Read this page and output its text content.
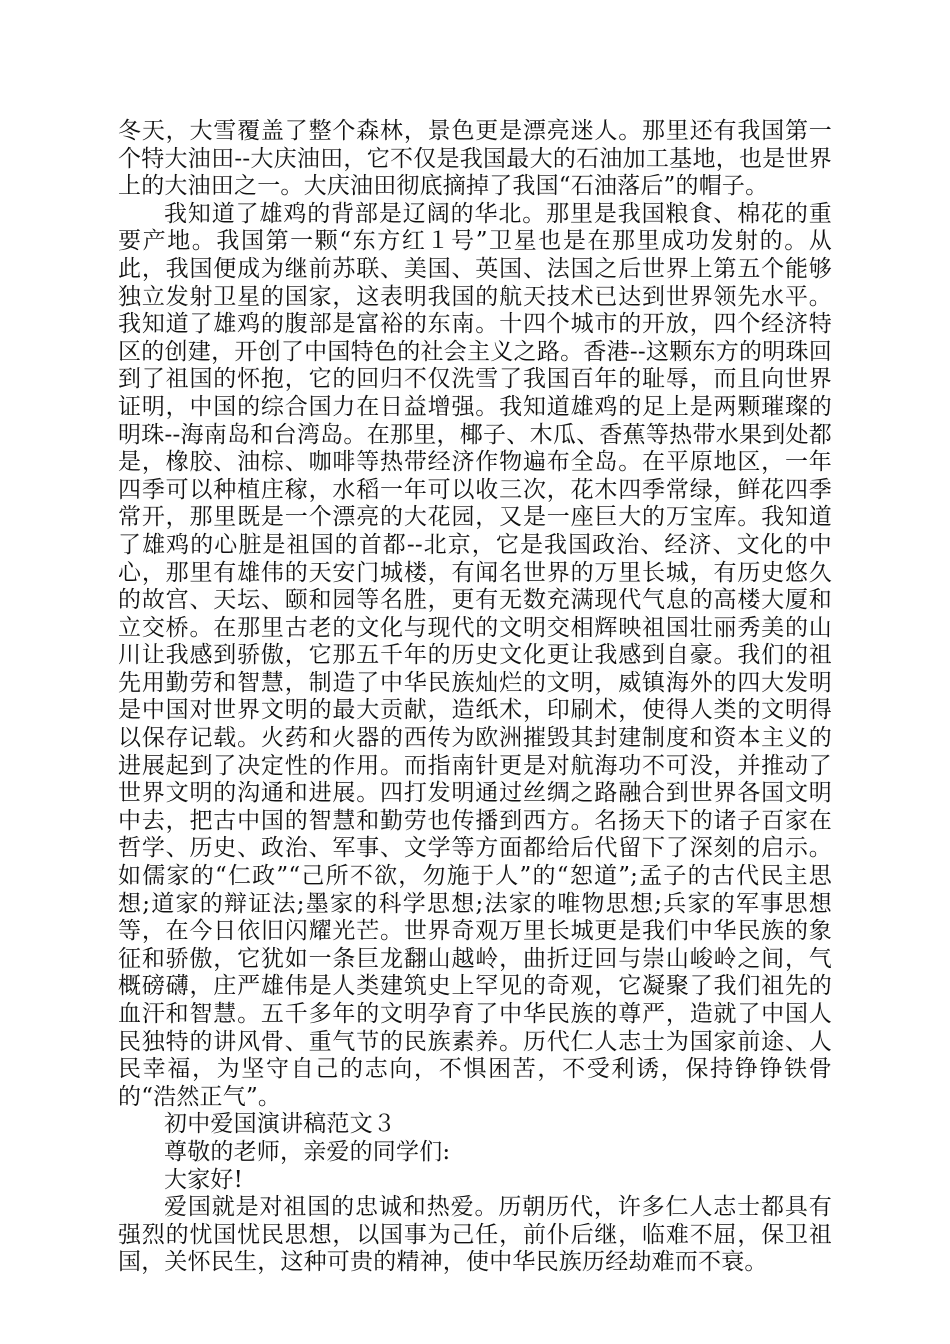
冬天，大雪覆盖了整个森林，景色更是漂亮迷人。那里还有我国第一个特大油田--大庆油田，它不仅是我国最大的石油加工基地，也是世界上的大油田之一。大庆油田彻底摘掉了我国“石油落后”的帽子。

我知道了雄鸡的背部是辽阔的华北。那里是我国粮食、棉花的重要产地。我国第一颗“东方红１号”卫星也是在那里成功发射的。从此，我国便成为继前苏联、美国、英国、法国之后世界上第五个能够独立发射卫星的国家，这表明我国的航天技术已达到世界领先水平。我知道了雄鸡的腹部是富裕的东南。十四个城市的开放，四个经济特区的创建，开创了中国特色的社会主义之路。香港--这颗东方的明珠回到了祖国的怀抱，它的回归不仅洗雪了我国百年的耻辱，而且向世界证明，中国的综合国力在日益增强。我知道雄鸡的足上是两颗璀璨的明珠--海南岛和台湾岛。在那里，椰子、木瓜、香蕉等热带水果到处都是，橡胶、油棕、咖啡等热带经济作物遍布全岛。在平原地区，一年四季可以种植庄稼，水稻一年可以收三次，花木四季常绿，鲜花四季常开，那里既是一个漂亮的大花园，又是一座巨大的万宝库。我知道了雄鸡的心脏是祖国的首都--北京，它是我国政治、经济、文化的中心，那里有雄伟的天安门城楼，有闻名世界的万里长城，有历史悠久的故宫、天坛、颐和园等名胜，更有无数充满现代气息的高楼大厦和立交桥。在那里古老的文化与现代的文明交相辉映祖国壮丽秀美的山川让我感到骄傲，它那五千年的历史文化更让我感到自豪。我们的祖先用勤劳和智慧，制造了中华民族灿烂的文明，威镇海外的四大发明是中国对世界文明的最大贡献，造纸术，印刷术，使得人类的文明得以保存记载。火药和火器的西传为欧洲摧毁其封建制度和资本主义的进展起到了决定性的作用。而指南针更是对航海功不可没，并推动了世界文明的沟通和进展。四打发明通过丝绸之路融合到世界各国文明中去，把古中国的智慧和勤劳也传播到西方。名扬天下的诸子百家在哲学、历史、政治、军事、文学等方面都给后代留下了深刻的启示。如儒家的“仁政”“己所不欲，勿施于人”的“恕道”;孟子的古代民主思想;道家的辩证法;墨家的科学思想;法家的唯物思想;兵家的军事思想等，在今日依旧闪耀光芒。世界奇观万里长城更是我们中华民族的象征和骄傲，它犹如一条巨龙翻山越岭，曲折迂回与崇山峻岭之间，气概磅礴，庄严雄伟是人类建筑史上罕见的奇观，它凝聚了我们祖先的血汗和智慧。五千多年的文明孕育了中华民族的尊严，造就了中国人民独特的讲风骨、重气节的民族素养。历代仁人志士为国家前途、人民幸福，为坚守自己的志向，不惧困苦，不受利诱，保持铮铮铁骨的“浩然正气”。

初中爱国演讲稿范文３

尊敬的老师，亲爱的同学们:

大家好!

爱国就是对祖国的忠诚和热爱。历朝历代，许多仁人志士都具有强烈的忧国忧民思想，以国事为己任，前仆后继，临难不屈，保卫祖国，关怀民生，这种可贵的精神，使中华民族历经劫难而不衰。
